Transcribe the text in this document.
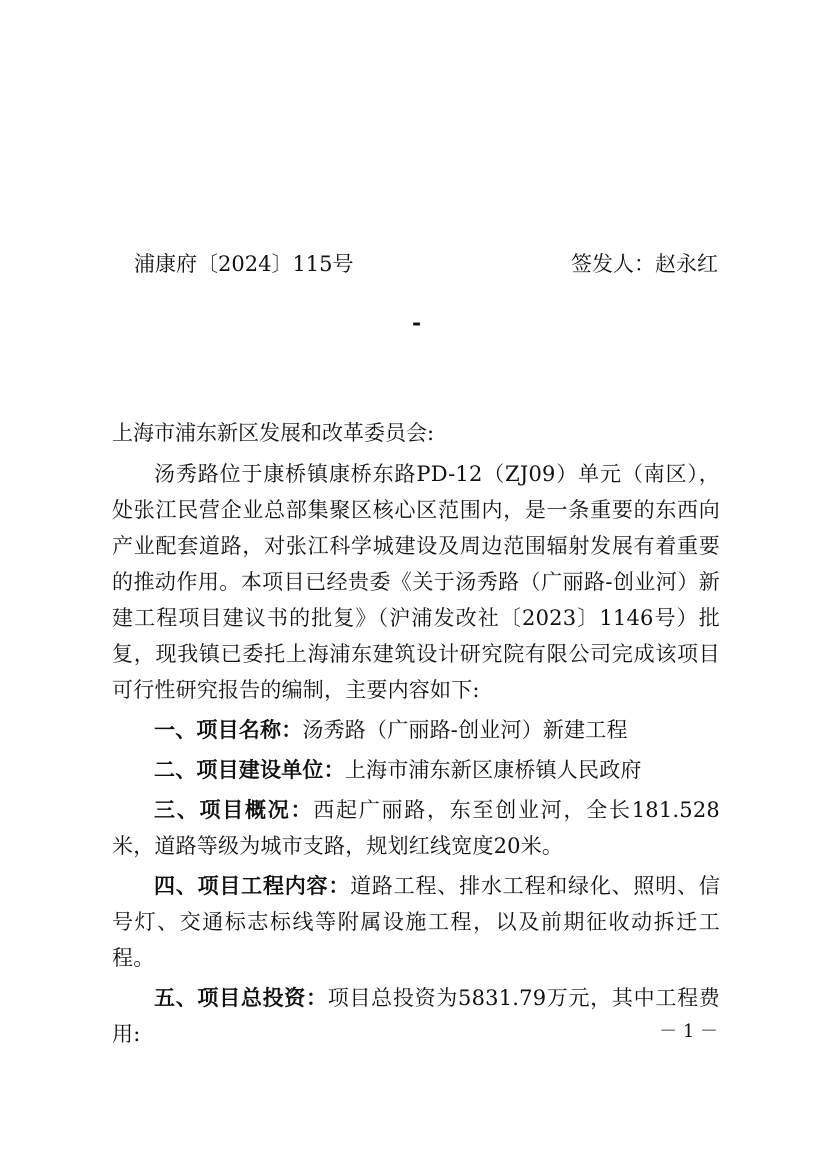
浦康府〔2024〕115号	签发人：赵永红
-
上海市浦东新区发展和改革委员会:

汤秀路位于康桥镇康桥东路PD-12（ZJ09）单元（南区），处张江民营企业总部集聚区核心区范围内，是一条重要的东西向产业配套道路，对张江科学城建设及周边范围辐射发展有着重要的推动作用。本项目已经贵委《关于汤秀路（广丽路-创业河）新建工程项目建议书的批复》（沪浦发改社〔2023〕1146号）批复，现我镇已委托上海浦东建筑设计研究院有限公司完成该项目可行性研究报告的编制，主要内容如下:

一、项目名称：汤秀路（广丽路-创业河）新建工程

二、项目建设单位：上海市浦东新区康桥镇人民政府

三、项目概况：西起广丽路，东至创业河，全长181.528米，道路等级为城市支路，规划红线宽度20米。

四、项目工程内容：道路工程、排水工程和绿化、照明、信号灯、交通标志标线等附属设施工程，以及前期征收动拆迁工程。

五、项目总投资：项目总投资为5831.79万元，其中工程费用:	－ 1 －
